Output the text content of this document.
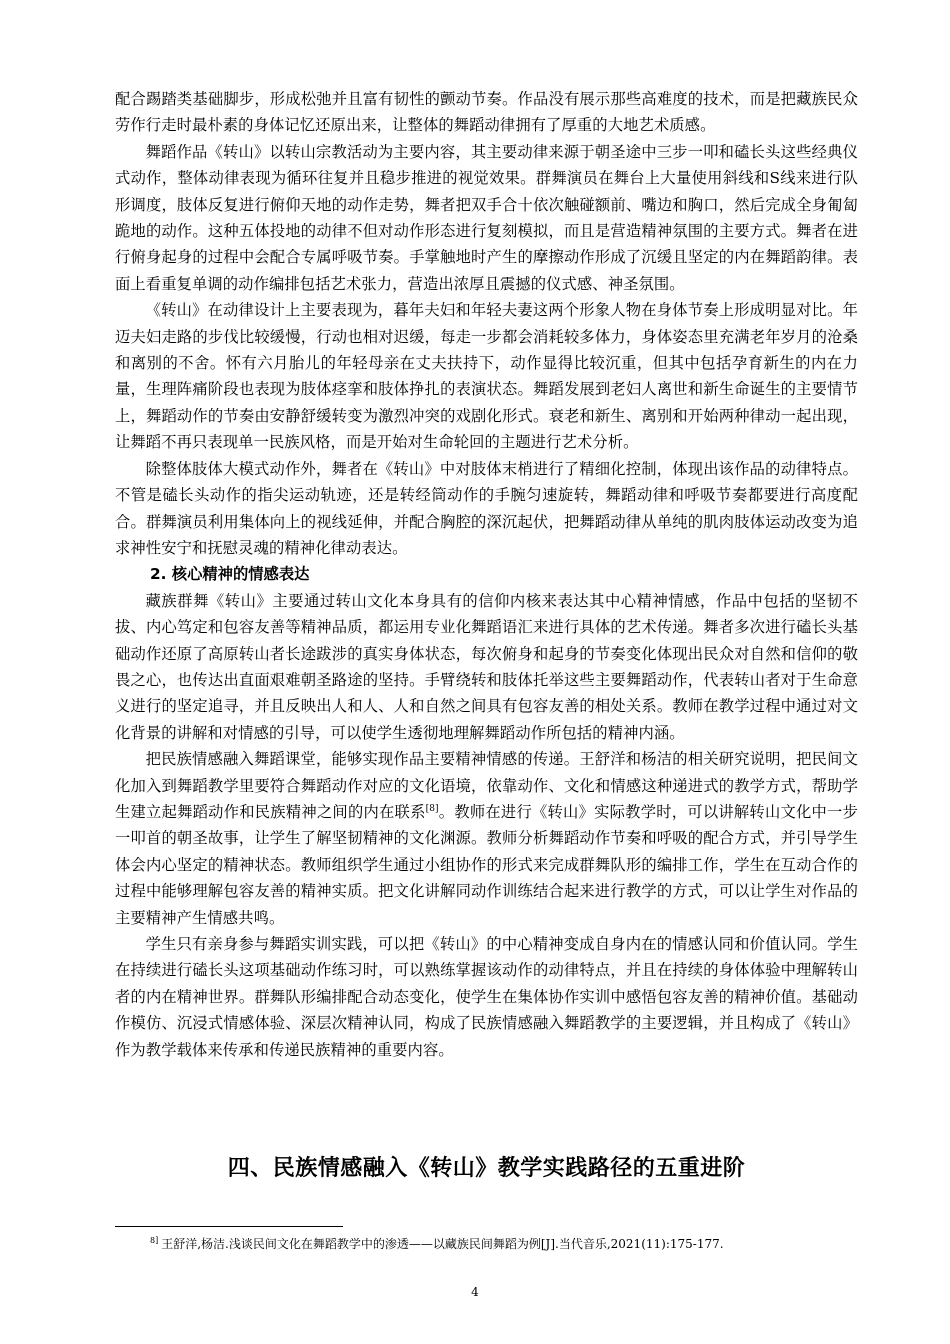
配合踢踏类基础脚步，形成松弛并且富有韧性的颤动节奏。作品没有展示那些高难度的技术，而是把藏族民众劳作行走时最朴素的身体记忆还原出来，让整体的舞蹈动律拥有了厚重的大地艺术质感。

舞蹈作品《转山》以转山宗教活动为主要内容，其主要动律来源于朝圣途中三步一叩和磕长头这些经典仪式动作，整体动律表现为循环往复并且稳步推进的视觉效果。群舞演员在舞台上大量使用斜线和S线来进行队形调度，肢体反复进行俯仰天地的动作走势，舞者把双手合十依次触碰额前、嘴边和胸口，然后完成全身匍匐跪地的动作。这种五体投地的动律不但对动作形态进行复刻模拟，而且是营造精神氛围的主要方式。舞者在进行俯身起身的过程中会配合专属呼吸节奏。手掌触地时产生的摩擦动作形成了沉缓且坚定的内在舞蹈韵律。表面上看重复单调的动作编排包括艺术张力，营造出浓厚且震撼的仪式感、神圣氛围。

《转山》在动律设计上主要表现为，暮年夫妇和年轻夫妻这两个形象人物在身体节奏上形成明显对比。年迈夫妇走路的步伐比较缓慢，行动也相对迟缓，每走一步都会消耗较多体力，身体姿态里充满老年岁月的沧桑和离别的不舍。怀有六月胎儿的年轻母亲在丈夫扶持下，动作显得比较沉重，但其中包括孕育新生的内在力量，生理阵痛阶段也表现为肢体痉挛和肢体挣扎的表演状态。舞蹈发展到老妇人离世和新生命诞生的主要情节上，舞蹈动作的节奏由安静舒缓转变为激烈冲突的戏剧化形式。衰老和新生、离别和开始两种律动一起出现，让舞蹈不再只表现单一民族风格，而是开始对生命轮回的主题进行艺术分析。

除整体肢体大模式动作外，舞者在《转山》中对肢体末梢进行了精细化控制，体现出该作品的动律特点。不管是磕长头动作的指尖运动轨迹，还是转经筒动作的手腕匀速旋转，舞蹈动律和呼吸节奏都要进行高度配合。群舞演员利用集体向上的视线延伸，并配合胸腔的深沉起伏，把舞蹈动律从单纯的肌肉肢体运动改变为追求神性安宁和抚慰灵魂的精神化律动表达。

2. 核心精神的情感表达

藏族群舞《转山》主要通过转山文化本身具有的信仰内核来表达其中心精神情感，作品中包括的坚韧不拔、内心笃定和包容友善等精神品质，都运用专业化舞蹈语汇来进行具体的艺术传递。舞者多次进行磕长头基础动作还原了高原转山者长途跋涉的真实身体状态，每次俯身和起身的节奏变化体现出民众对自然和信仰的敬畏之心，也传达出直面艰难朝圣路途的坚持。手臂绕转和肢体托举这些主要舞蹈动作，代表转山者对于生命意义进行的坚定追寻，并且反映出人和人、人和自然之间具有包容友善的相处关系。教师在教学过程中通过对文化背景的讲解和对情感的引导，可以使学生透彻地理解舞蹈动作所包括的精神内涵。

把民族情感融入舞蹈课堂，能够实现作品主要精神情感的传递。王舒洋和杨洁的相关研究说明，把民间文化加入到舞蹈教学里要符合舞蹈动作对应的文化语境，依靠动作、文化和情感这种递进式的教学方式，帮助学生建立起舞蹈动作和民族精神之间的内在联系[8]。教师在进行《转山》实际教学时，可以讲解转山文化中一步一叩首的朝圣故事，让学生了解坚韧精神的文化渊源。教师分析舞蹈动作节奏和呼吸的配合方式，并引导学生体会内心坚定的精神状态。教师组织学生通过小组协作的形式来完成群舞队形的编排工作，学生在互动合作的过程中能够理解包容友善的精神实质。把文化讲解同动作训练结合起来进行教学的方式，可以让学生对作品的主要精神产生情感共鸣。

学生只有亲身参与舞蹈实训实践，可以把《转山》的中心精神变成自身内在的情感认同和价值认同。学生在持续进行磕长头这项基础动作练习时，可以熟练掌握该动作的动律特点，并且在持续的身体体验中理解转山者的内在精神世界。群舞队形编排配合动态变化，使学生在集体协作实训中感悟包容友善的精神价值。基础动作模仿、沉浸式情感体验、深层次精神认同，构成了民族情感融入舞蹈教学的主要逻辑，并且构成了《转山》作为教学载体来传承和传递民族精神的重要内容。

四、民族情感融入《转山》教学实践路径的五重进阶
$^{8]}$ 王舒洋,杨洁.浅谈民间文化在舞蹈教学中的渗透——以藏族民间舞蹈为例[J].当代音乐,2021(11):175-177.
4
